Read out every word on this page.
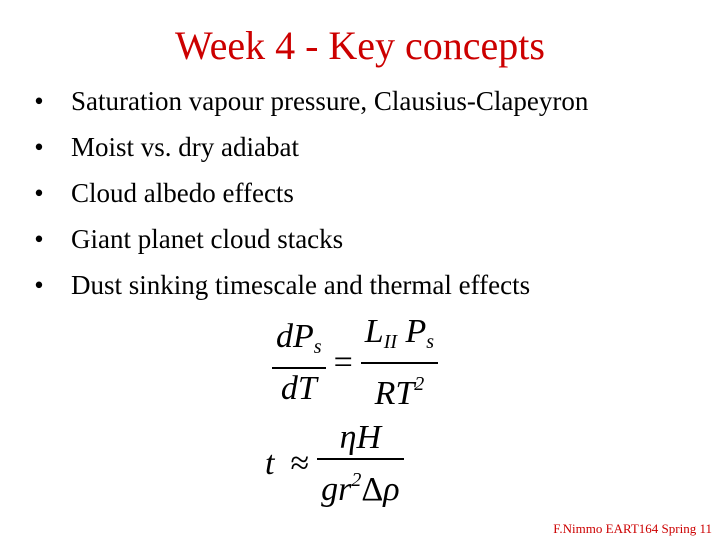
Week 4 - Key concepts
• Saturation vapour pressure, Clausius-Clapeyron
• Moist vs. dry adiabat
• Cloud albedo effects
• Giant planet cloud stacks
• Dust sinking timescale and thermal effects
$\frac{dP_s}{dT} = \frac{L_{II} P_s}{RT^2}$
$t \approx \frac{\eta H}{gr^2\Delta\rho}$
F.Nimmo EART164 Spring 11
